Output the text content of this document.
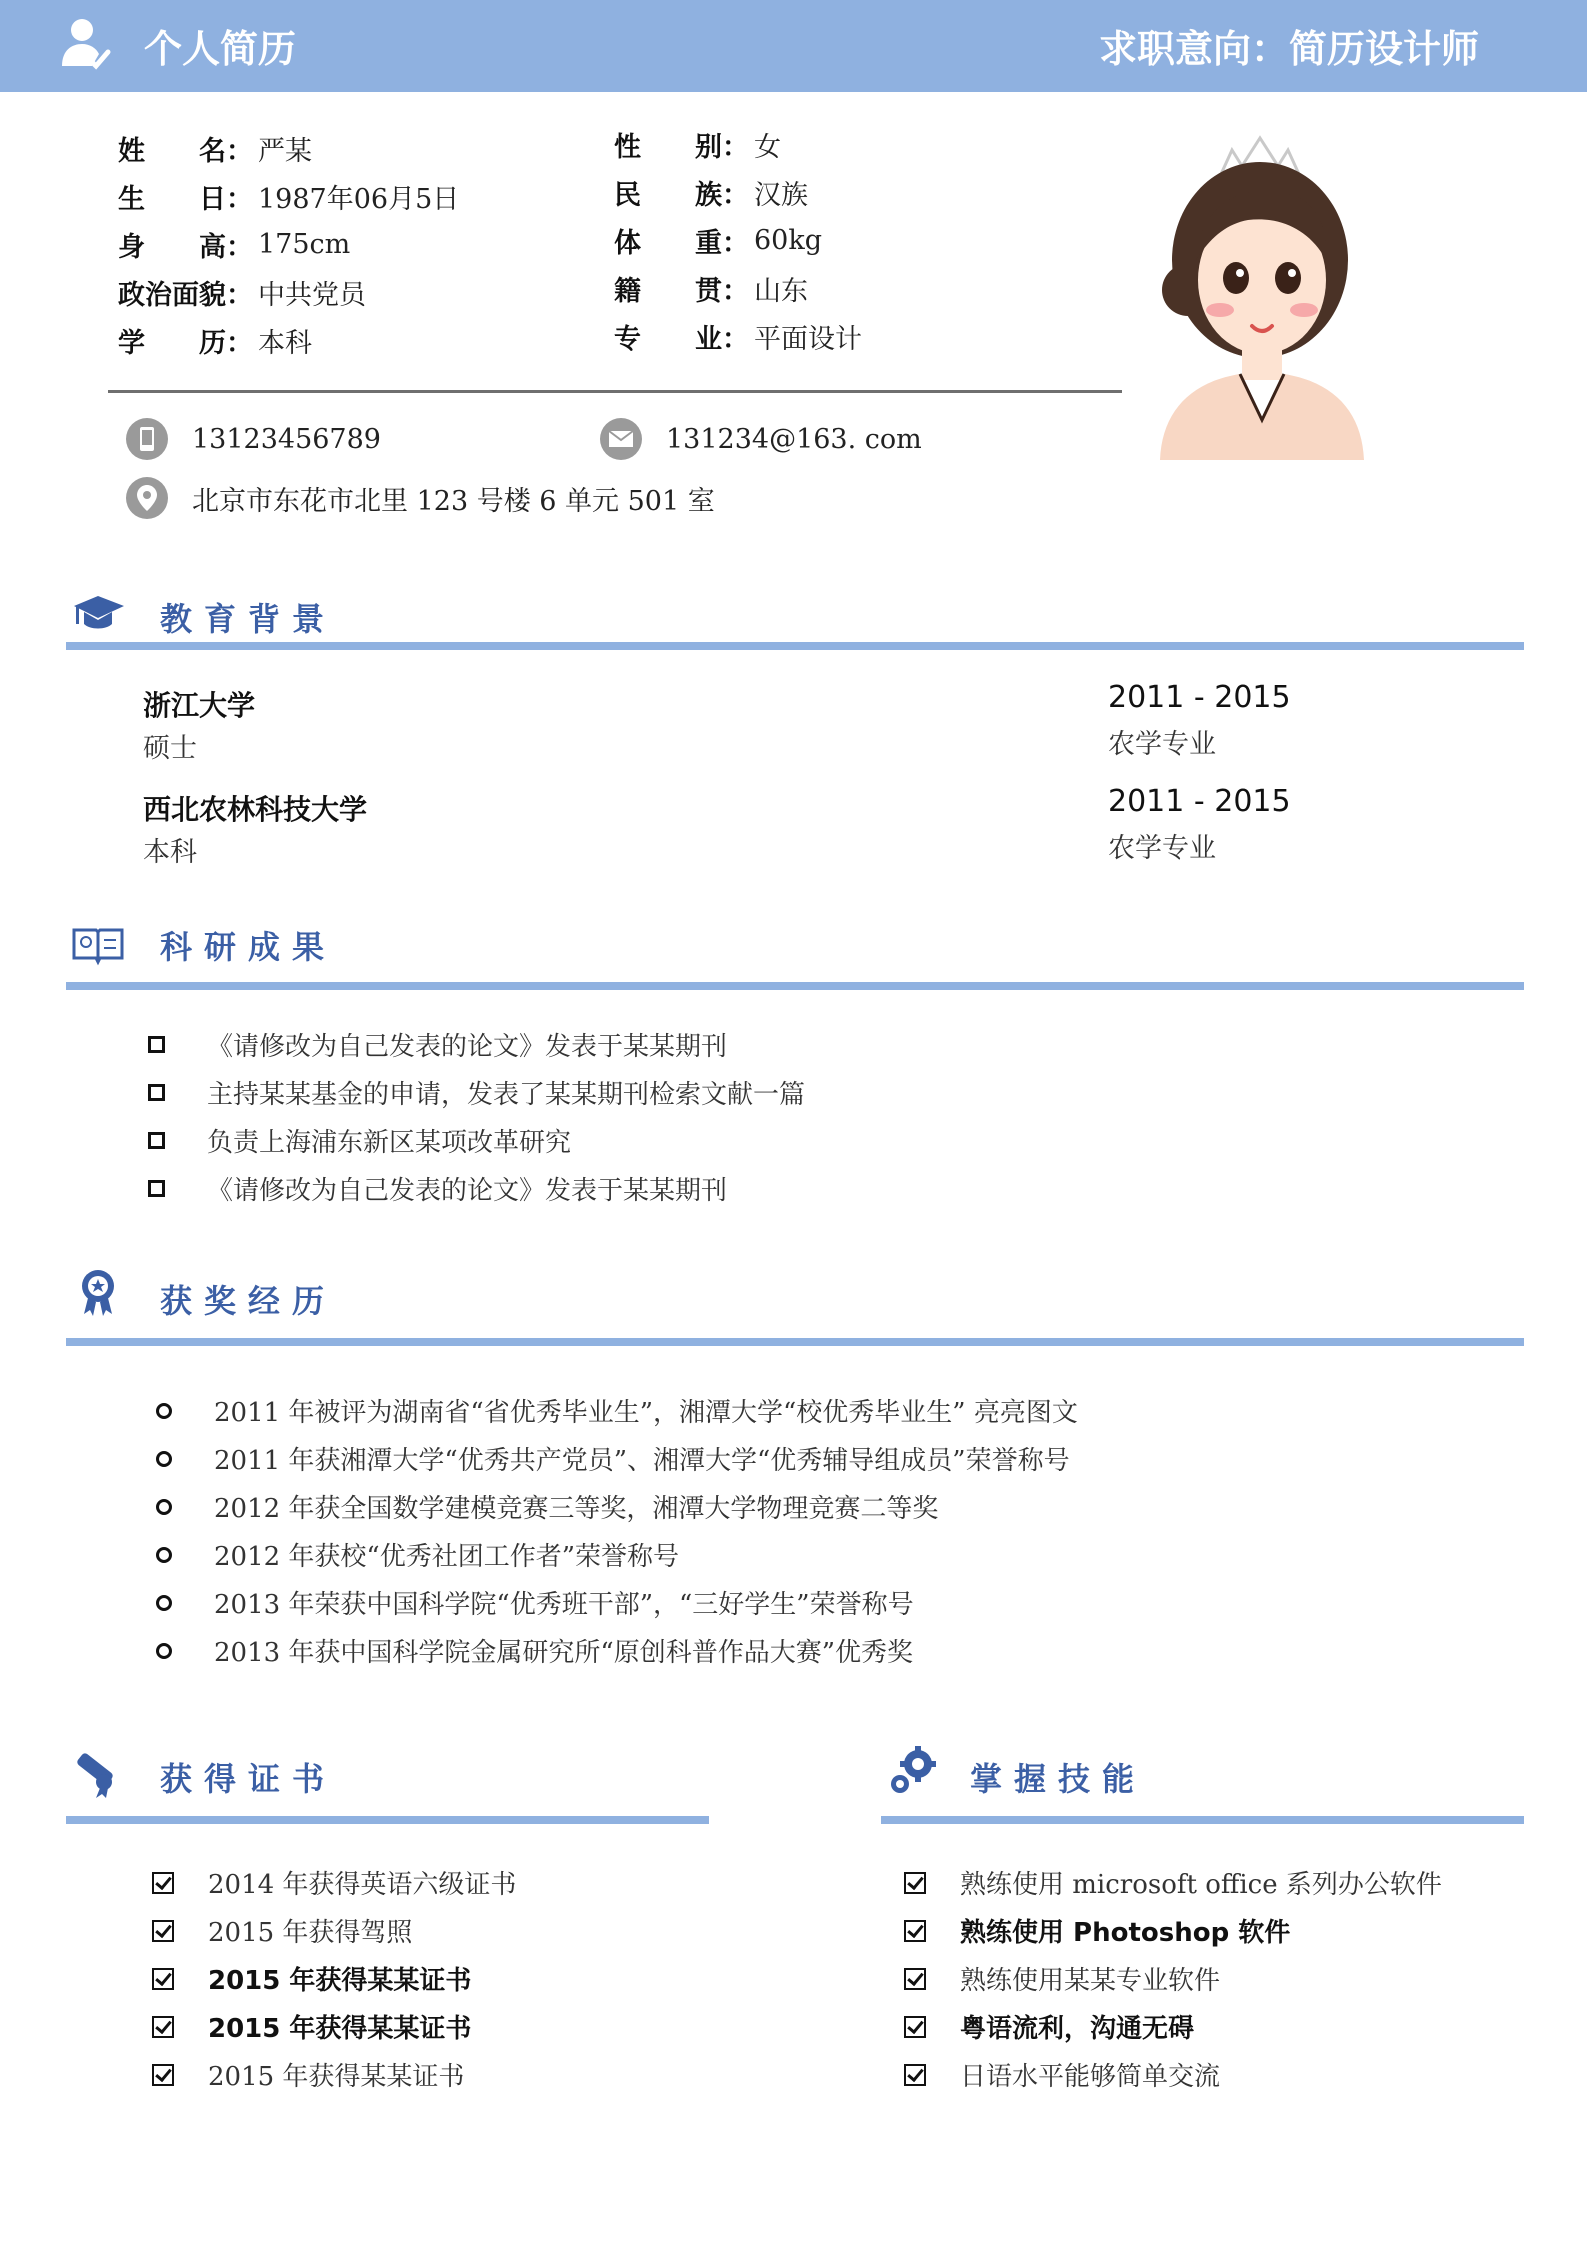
个人简历	求职意向：简历设计师
姓　　名： 严某
生　　日： 1987年06月5日
身　　高： 175cm
政治面貌： 中共党员
学　　历： 本科
性　　别： 女
民　　族： 汉族
体　　重： 60kg
籍　　贯： 山东
专　　业： 平面设计
13123456789	131234@163. com
北京市东花市北里 123 号楼 6 单元 501 室
教育背景
浙江大学
硕士
2011 - 2015
农学专业
西北农林科技大学
本科
2011 - 2015
农学专业
科研成果
《请修改为自己发表的论文》发表于某某期刊
主持某某基金的申请，发表了某某期刊检索文献一篇
负责上海浦东新区某项改革研究
《请修改为自己发表的论文》发表于某某期刊
获奖经历
2011 年被评为湖南省“省优秀毕业生”，湘潭大学“校优秀毕业生” 亮亮图文
2011 年获湘潭大学“优秀共产党员”、湘潭大学“优秀辅导组成员”荣誉称号
2012 年获全国数学建模竞赛三等奖，湘潭大学物理竞赛二等奖
2012 年获校“优秀社团工作者”荣誉称号
2013 年荣获中国科学院“优秀班干部”，“三好学生”荣誉称号
2013 年获中国科学院金属研究所“原创科普作品大赛”优秀奖
获得证书
2014 年获得英语六级证书
2015 年获得驾照
2015 年获得某某证书
2015 年获得某某证书
2015 年获得某某证书
掌握技能
熟练使用 microsoft office 系列办公软件
熟练使用 Photoshop 软件
熟练使用某某专业软件
粤语流利，沟通无碍
日语水平能够简单交流
